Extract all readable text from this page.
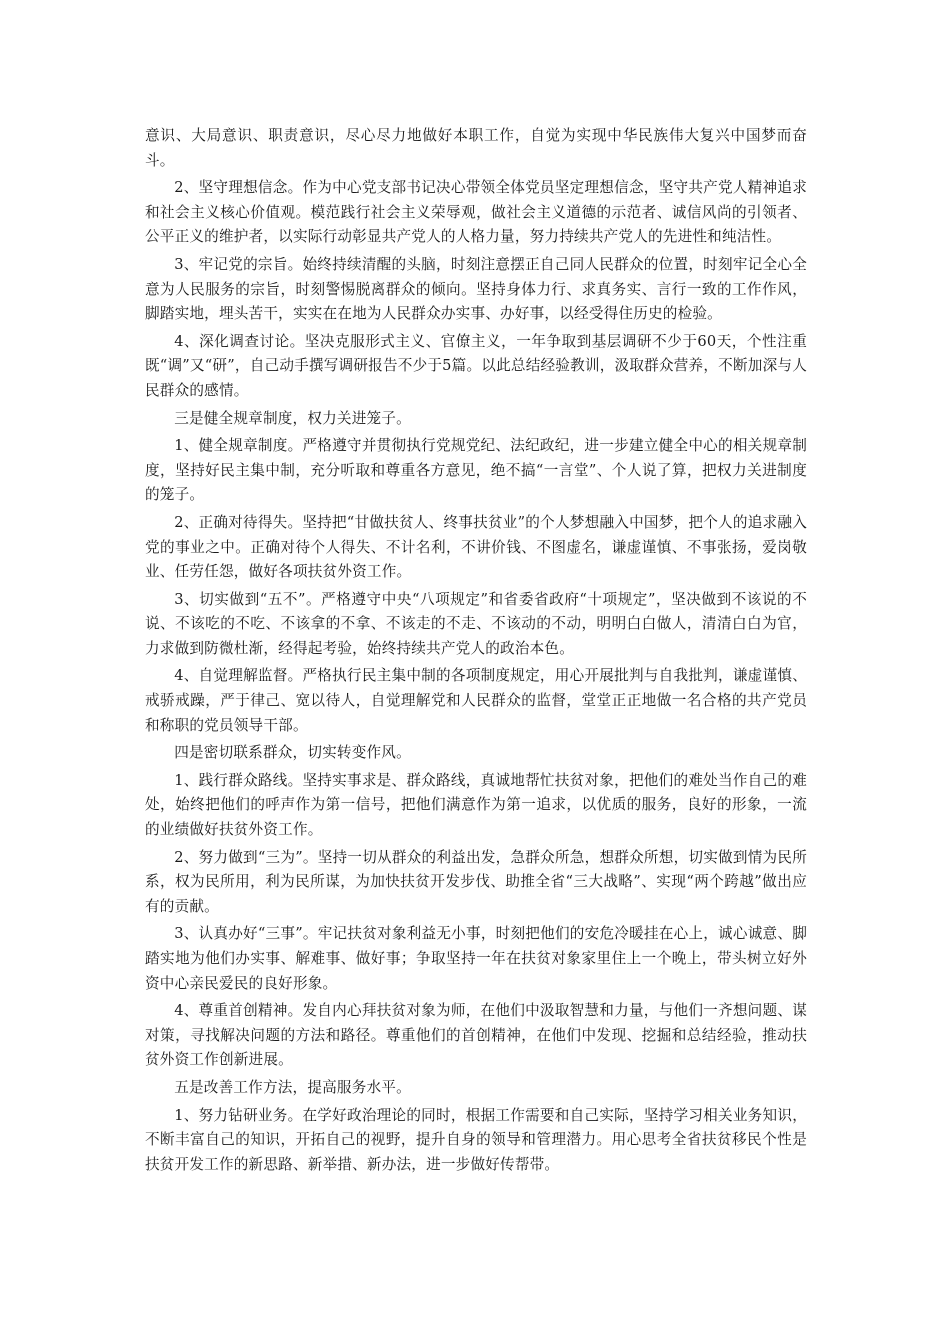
意识、大局意识、职责意识，尽心尽力地做好本职工作，自觉为实现中华民族伟大复兴中国梦而奋斗。

2、坚守理想信念。作为中心党支部书记决心带领全体党员坚定理想信念，坚守共产党人精神追求和社会主义核心价值观。模范践行社会主义荣辱观，做社会主义道德的示范者、诚信风尚的引领者、公平正义的维护者，以实际行动彰显共产党人的人格力量，努力持续共产党人的先进性和纯洁性。

3、牢记党的宗旨。始终持续清醒的头脑，时刻注意摆正自己同人民群众的位置，时刻牢记全心全意为人民服务的宗旨，时刻警惕脱离群众的倾向。坚持身体力行、求真务实、言行一致的工作作风，脚踏实地，埋头苦干，实实在在地为人民群众办实事、办好事，以经受得住历史的检验。

4、深化调查讨论。坚决克服形式主义、官僚主义，一年争取到基层调研不少于60天，个性注重既“调”又“研”，自己动手撰写调研报告不少于5篇。以此总结经验教训，汲取群众营养，不断加深与人民群众的感情。

三是健全规章制度，权力关进笼子。

1、健全规章制度。严格遵守并贯彻执行党规党纪、法纪政纪，进一步建立健全中心的相关规章制度，坚持好民主集中制，充分听取和尊重各方意见，绝不搞“一言堂”、个人说了算，把权力关进制度的笼子。

2、正确对待得失。坚持把“甘做扶贫人、终事扶贫业”的个人梦想融入中国梦，把个人的追求融入党的事业之中。正确对待个人得失、不计名利，不讲价钱、不图虚名，谦虚谨慎、不事张扬，爱岗敬业、任劳任怨，做好各项扶贫外资工作。

3、切实做到“五不”。严格遵守中央“八项规定”和省委省政府“十项规定”，坚决做到不该说的不说、不该吃的不吃、不该拿的不拿、不该走的不走、不该动的不动，明明白白做人，清清白白为官，力求做到防微杜渐，经得起考验，始终持续共产党人的政治本色。

4、自觉理解监督。严格执行民主集中制的各项制度规定，用心开展批判与自我批判，谦虚谨慎、戒骄戒躁，严于律己、宽以待人，自觉理解党和人民群众的监督，堂堂正正地做一名合格的共产党员和称职的党员领导干部。

四是密切联系群众，切实转变作风。

1、践行群众路线。坚持实事求是、群众路线，真诚地帮忙扶贫对象，把他们的难处当作自己的难处，始终把他们的呼声作为第一信号，把他们满意作为第一追求，以优质的服务，良好的形象，一流的业绩做好扶贫外资工作。

2、努力做到“三为”。坚持一切从群众的利益出发，急群众所急，想群众所想，切实做到情为民所系，权为民所用，利为民所谋，为加快扶贫开发步伐、助推全省“三大战略”、实现“两个跨越”做出应有的贡献。

3、认真办好“三事”。牢记扶贫对象利益无小事，时刻把他们的安危冷暖挂在心上，诚心诚意、脚踏实地为他们办实事、解难事、做好事；争取坚持一年在扶贫对象家里住上一个晚上，带头树立好外资中心亲民爱民的良好形象。

4、尊重首创精神。发自内心拜扶贫对象为师，在他们中汲取智慧和力量，与他们一齐想问题、谋对策，寻找解决问题的方法和路径。尊重他们的首创精神，在他们中发现、挖掘和总结经验，推动扶贫外资工作创新进展。

五是改善工作方法，提高服务水平。

1、努力钻研业务。在学好政治理论的同时，根据工作需要和自己实际，坚持学习相关业务知识，不断丰富自己的知识，开拓自己的视野，提升自身的领导和管理潜力。用心思考全省扶贫移民个性是扶贫开发工作的新思路、新举措、新办法，进一步做好传帮带。
